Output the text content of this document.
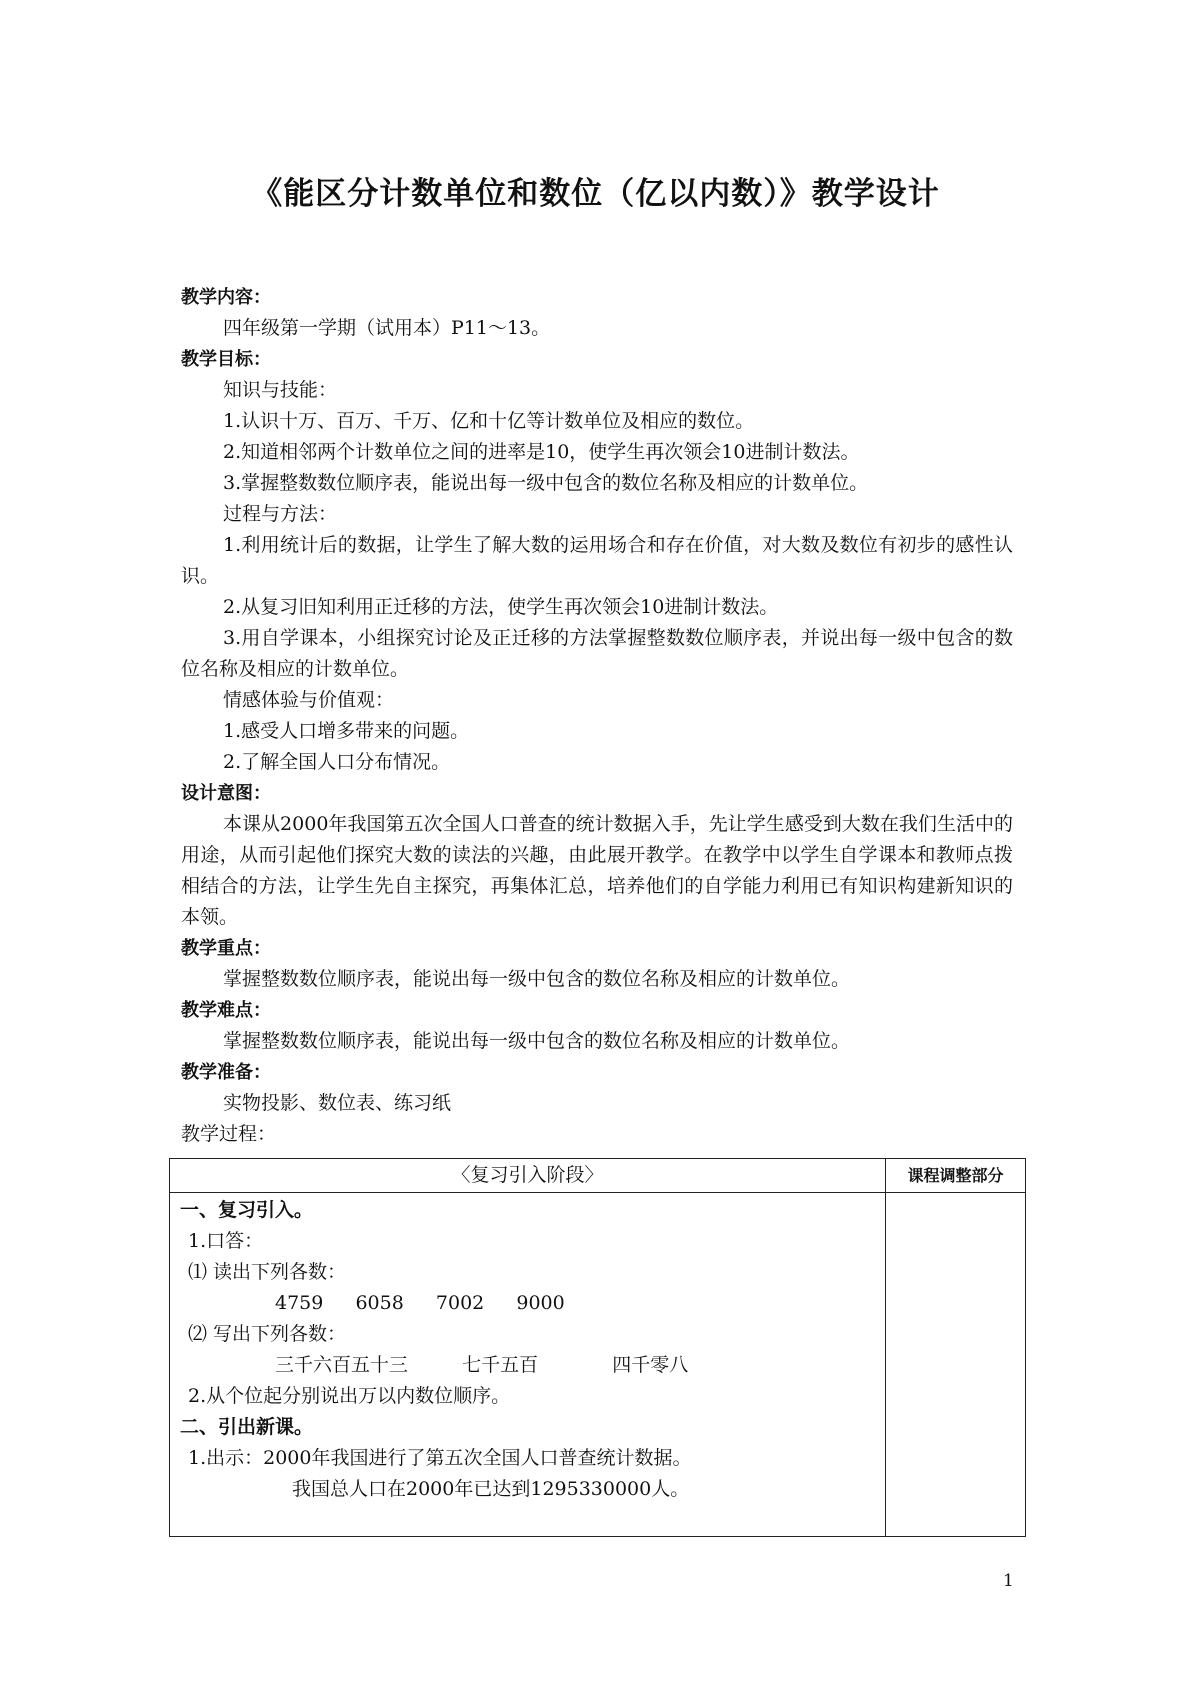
《能区分计数单位和数位（亿以内数）》教学设计
教学内容：
四年级第一学期（试用本）P11～13。
教学目标：
知识与技能：
1.认识十万、百万、千万、亿和十亿等计数单位及相应的数位。
2.知道相邻两个计数单位之间的进率是10，使学生再次领会10进制计数法。
3.掌握整数数位顺序表，能说出每一级中包含的数位名称及相应的计数单位。
过程与方法：
1.利用统计后的数据，让学生了解大数的运用场合和存在价值，对大数及数位有初步的感性认识。
2.从复习旧知利用正迁移的方法，使学生再次领会10进制计数法。
3.用自学课本，小组探究讨论及正迁移的方法掌握整数数位顺序表，并说出每一级中包含的数位名称及相应的计数单位。
情感体验与价值观：
1.感受人口增多带来的问题。
2.了解全国人口分布情况。
设计意图：
本课从2000年我国第五次全国人口普查的统计数据入手，先让学生感受到大数在我们生活中的用途，从而引起他们探究大数的读法的兴趣，由此展开教学。在教学中以学生自学课本和教师点拨相结合的方法，让学生先自主探究，再集体汇总，培养他们的自学能力利用已有知识构建新知识的本领。
教学重点：
掌握整数数位顺序表，能说出每一级中包含的数位名称及相应的计数单位。
教学难点：
掌握整数数位顺序表，能说出每一级中包含的数位名称及相应的计数单位。
教学准备：
实物投影、数位表、练习纸
教学过程：
〈复习引入阶段〉	课程调整部分
一、复习引入。
1.口答：
⑴ 读出下列各数：
4759 6058 7002 9000
⑵ 写出下列各数：
三千六百五十三	七千五百	四千零八
2.从个位起分别说出万以内数位顺序。
二、引出新课。
1.出示：2000年我国进行了第五次全国人口普查统计数据。
我国总人口在2000年已达到1295330000人。
1
